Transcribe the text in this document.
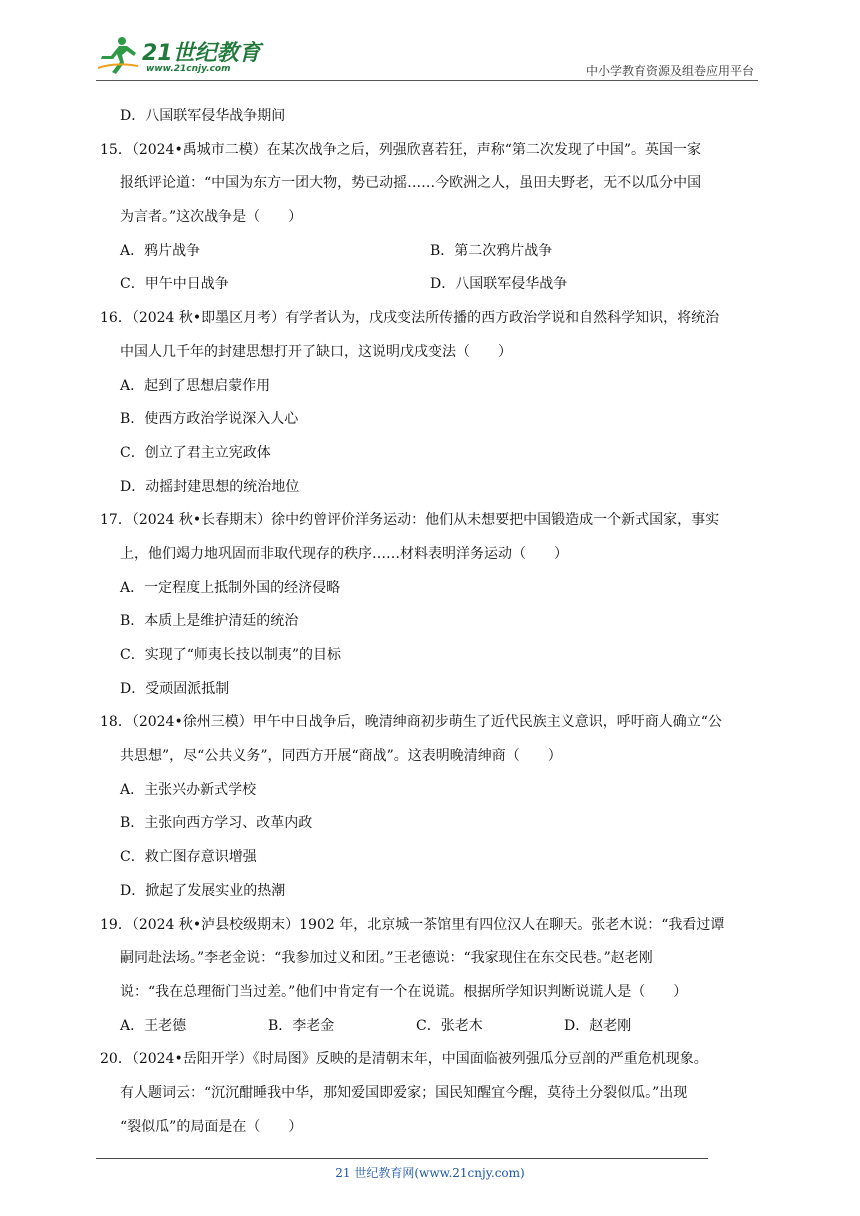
21世纪教育
www.21cnjy.com	中小学教育资源及组卷应用平台
D．八国联军侵华战争期间
15．（2024•禹城市二模）在某次战争之后，列强欣喜若狂，声称“第二次发现了中国”。英国一家
报纸评论道：“中国为东方一团大物，势已动摇……今欧洲之人，虽田夫野老，无不以瓜分中国
为言者。”这次战争是（　　）
A．鸦片战争	B．第二次鸦片战争
C．甲午中日战争	D．八国联军侵华战争
16．（2024 秋•即墨区月考）有学者认为，戊戌变法所传播的西方政治学说和自然科学知识，将统治
中国人几千年的封建思想打开了缺口，这说明戊戌变法（　　）
A．起到了思想启蒙作用
B．使西方政治学说深入人心
C．创立了君主立宪政体
D．动摇封建思想的统治地位
17．（2024 秋•长春期末）徐中约曾评价洋务运动：他们从未想要把中国锻造成一个新式国家，事实
上，他们竭力地巩固而非取代现存的秩序……材料表明洋务运动（　　）
A．一定程度上抵制外国的经济侵略
B．本质上是维护清廷的统治
C．实现了“师夷长技以制夷”的目标
D．受顽固派抵制
18．（2024•徐州三模）甲午中日战争后，晚清绅商初步萌生了近代民族主义意识，呼吁商人确立“公
共思想”，尽“公共义务”，同西方开展“商战”。这表明晚清绅商（　　）
A．主张兴办新式学校
B．主张向西方学习、改革内政
C．救亡图存意识增强
D．掀起了发展实业的热潮
19．（2024 秋•泸县校级期末）1902 年，北京城一茶馆里有四位汉人在聊天。张老木说：“我看过谭
嗣同赴法场。”李老金说：“我参加过义和团。”王老德说：“我家现住在东交民巷。”赵老刚
说：“我在总理衙门当过差。”他们中肯定有一个在说谎。根据所学知识判断说谎人是（　　）
A．王老德	B．李老金	C．张老木	D．赵老刚
20．（2024•岳阳开学）《时局图》反映的是清朝末年，中国面临被列强瓜分豆剖的严重危机现象。
有人题词云：“沉沉酣睡我中华，那知爱国即爱家；国民知醒宜今醒，莫待土分裂似瓜。”出现
“裂似瓜”的局面是在（　　）
21 世纪教育网(www.21cnjy.com)
